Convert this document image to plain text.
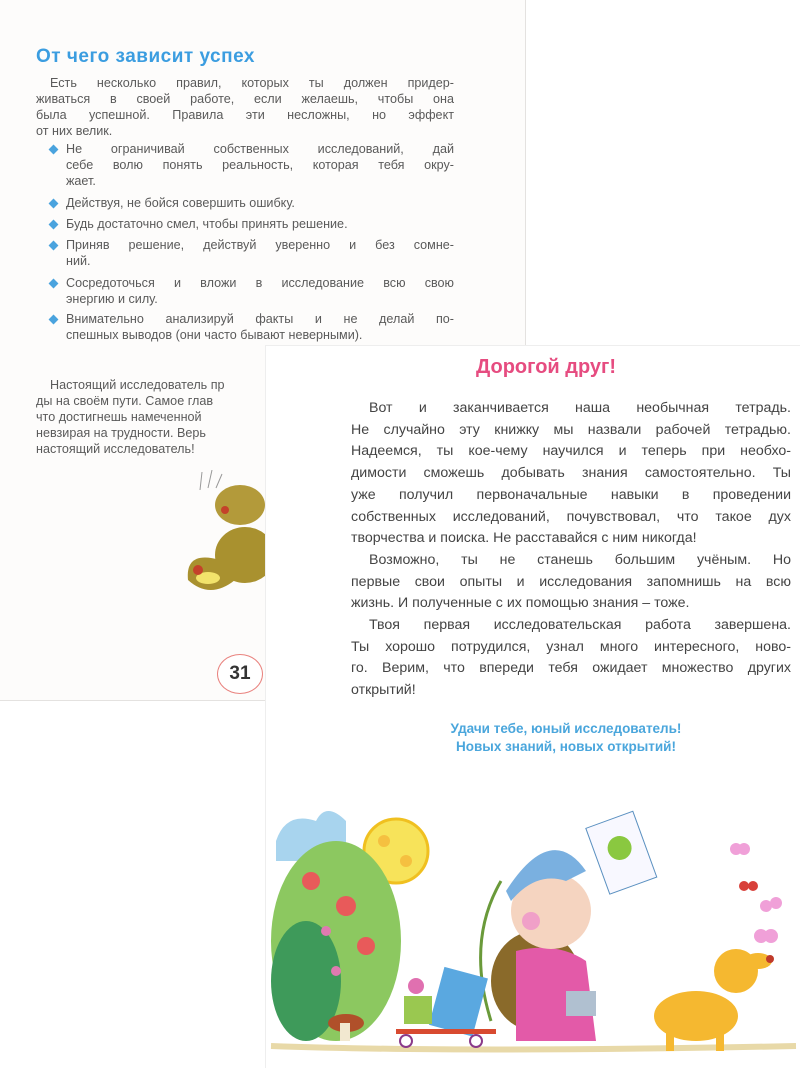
От чего зависит успех
Есть несколько правил, которых ты должен придер-
живаться в своей работе, если желаешь, чтобы она
была успешной. Правила эти несложны, но эффект
от них велик.
Не ограничивай собственных исследований, дай
себе волю понять реальность, которая тебя окру-
жает.
Действуя, не бойся совершить ошибку.
Будь достаточно смел, чтобы принять решение.
Приняв решение, действуй уверенно и без сомне-
ний.
Сосредоточься и вложи в исследование всю свою
энергию и силу.
Внимательно анализируй факты и не делай по-
спешных выводов (они часто бывают неверными).
Настоящий исследователь пр
ды на своём пути. Самое глав
что достигнешь намеченной
невзирая на трудности. Верь
настоящий исследователь!
31
Дорогой друг!
Вот и заканчивается наша необычная тетрадь.
Не случайно эту книжку мы назвали рабочей тетрадью.
Надеемся, ты кое-чему научился и теперь при необхо-
димости сможешь добывать знания самостоятельно. Ты
уже получил первоначальные навыки в проведении
собственных исследований, почувствовал, что такое дух
творчества и поиска. Не расставайся с ним никогда!
Возможно, ты не станешь большим учёным. Но
первые свои опыты и исследования запомнишь на всю
жизнь. И полученные с их помощью знания – тоже.
Твоя первая исследовательская работа завершена.
Ты хорошо потрудился, узнал много интересного, ново-
го. Верим, что впереди тебя ожидает множество других
открытий!
Удачи тебе, юный исследователь!
Новых знаний, новых открытий!
